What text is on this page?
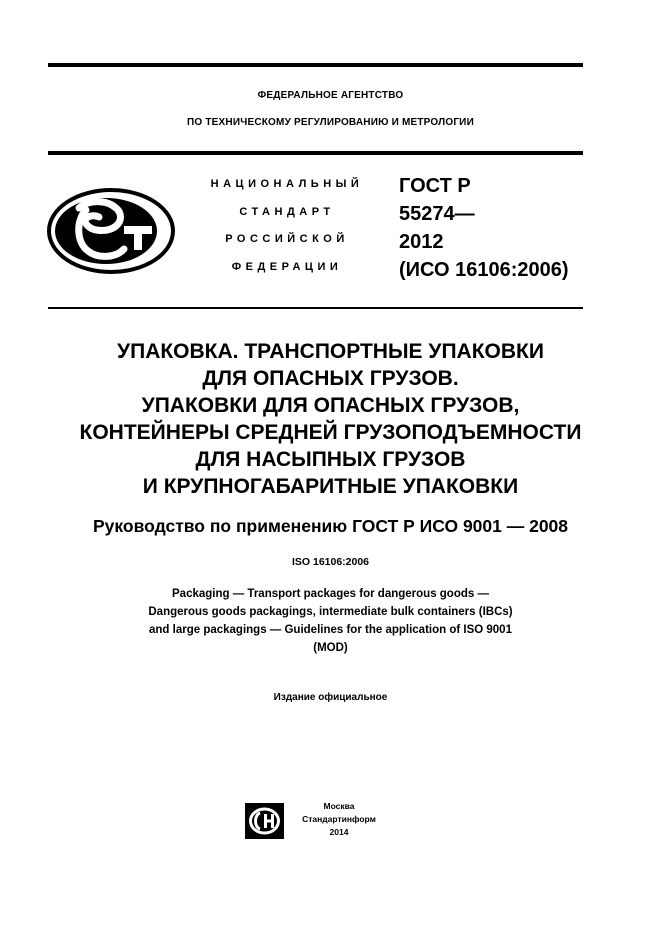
ФЕДЕРАЛЬНОЕ АГЕНТСТВО
ПО ТЕХНИЧЕСКОМУ РЕГУЛИРОВАНИЮ И МЕТРОЛОГИИ
НАЦИОНАЛЬНЫЙ
СТАНДАРТ
РОССИЙСКОЙ
ФЕДЕРАЦИИ
ГОСТ Р
55274—
2012
(ИСО 16106:2006)
УПАКОВКА. ТРАНСПОРТНЫЕ УПАКОВКИ
ДЛЯ ОПАСНЫХ ГРУЗОВ.
УПАКОВКИ ДЛЯ ОПАСНЫХ ГРУЗОВ,
КОНТЕЙНЕРЫ СРЕДНЕЙ ГРУЗОПОДЪЕМНОСТИ
ДЛЯ НАСЫПНЫХ ГРУЗОВ
И КРУПНОГАБАРИТНЫЕ УПАКОВКИ
Руководство по применению ГОСТ Р ИСО 9001 — 2008
ISO 16106:2006
Packaging — Transport packages for dangerous goods —
Dangerous goods packagings, intermediate bulk containers (IBCs)
and large packagings — Guidelines for the application of ISO 9001
(MOD)
Издание официальное
Москва
Стандартинформ
2014
